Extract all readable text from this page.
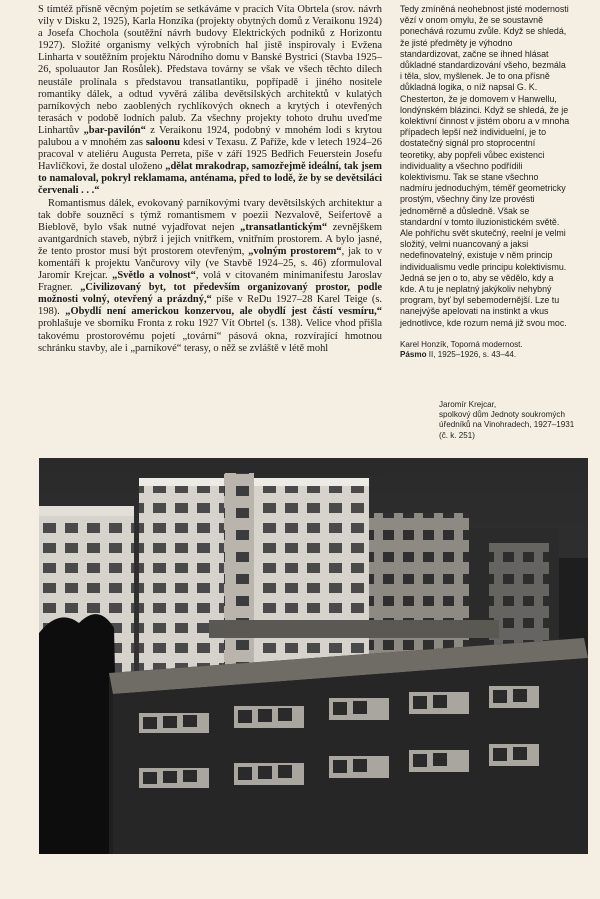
S tímtéž přísně věcným pojetím se setkáváme v pracích Víta Obrtela (srov. návrh vily v Disku 2, 1925), Karla Honzíka (projekty obytných domů z Veraikonu 1924) a Josefa Chochola (soutěžní návrh budovy Elektrických podniků z Horizontu 1927). Složité organismy velkých výrobních hal jistě inspirovaly i Evžena Linharta v soutěžním projektu Národního domu v Banské Bystrici (Stavba 1925–26, spoluautor Jan Rosůlek). Představa továrny se však ve všech těchto dílech neustále prolínala s představou transatlantiku, popřípadě i jiného nositele romantiky dálek, a odtud vyvěrá záliba devětsilských architektů v kulatých parníkových nebo zaoblených rychlíkových oknech a krytých i otevřených terasách v podobě lodních palub. Za všechny projekty tohoto druhu uveďme Linhartův „bar-pavilón“ z Veraikonu 1924, podobný v mnohém lodi s krytou palubou a v mnohém zas saloonu kdesi v Texasu. Z Paříže, kde v letech 1924–26 pracoval v ateliéru Augusta Perreta, píše v září 1925 Bedřich Feuerstein Josefu Havlíčkovi, že dostal uloženo „dělat mrakodrap, samozřejmě ideální, tak jsem to namaloval, pokryl reklamama, anténama, před to lodě, že by se devětsiláci červenali . . .“

Romantismus dálek, evokovaný parníkovými tvary devětsilských architektur a tak dobře souzněcí s týmž romantismem v poezii Nezvalově, Seifertově a Bieblově, bylo však nutné vyjadřovat nejen „transatlantickým“ zevnějškem avantgardních staveb, nýbrž i jejich vnitřkem, vnitřním prostorem. A bylo jasné, že tento prostor musí být prostorem otevřeným, „volným prostorem“, jak to v komentáři k projektu Vančurovy vily (ve Stavbě 1924–25, s. 46) zformuloval Jaromír Krejcar. „Světlo a volnost“, volá v citovaném minimanifestu Jaroslav Fragner. „Civilizovaný byt, tot především organizovaný prostor, podle možnosti volný, otevřený a prázdný,“ píše v ReDu 1927–28 Karel Teige (s. 198). „Obydlí není americkou konzervou, ale obydlí jest částí vesmíru,“ prohlašuje ve sborníku Fronta z roku 1927 Vít Obrtel (s. 138). Velice vhod přišla takovému prostorovému pojetí „tovární“ pásová okna, rozvírající hmotnou schránku stavby, ale i „parníkové“ terasy, o něž se zvláště v létě mohl

Tedy zmíněná neohebnost jisté modernosti vězí v onom omylu, že se soustavně ponechává rozumu zvůle. Když se shledá, že jisté předměty je výhodno standardizovat, začne se ihned hlásat důkladné standardizování všeho, bezmála i těla, slov, myšlenek. Je to ona přísně důkladná logika, o níž napsal G. K. Chesterton, že je domovem v Hanwellu, londýnském blázinci. Když se shledá, že je kolektivní činnost v jistém oboru a v mnoha případech lepší než individuelní, je to dostatečný signál pro stoprocentní teoretiky, aby popřeli vůbec existenci individuality a všechno podřídili kolektivismu. Tak se stane všechno nadmíru jednoduchým, téměř geometricky prostým, všechny činy lze provésti jednoměrně a důsledně. Však se standardní v tomto iluzionistickém světě. Ale pohříchu svět skutečný, reelní je velmi složitý, velmi nuancovaný a jaksi nedefinovatelný, existuje v něm princip individualismu vedle principu kolektivismu. Jedná se jen o to, aby se vědělo, kdy a kde. A tu je neplatný jakýkoliv nehybný program, byť byl sebemodernější. Lze tu nanejvýše apelovati na instinkt a vkus jednotlivce, kde rozum nemá již svou moc.

Karel Honzík, Toporná modernost.
Pásmo II, 1925–1926, s. 43–44.
Jaromír Krejcar,
spolkový dům Jednoty soukromých
úředníků na Vinohradech, 1927–1931
(č. k. 251)
